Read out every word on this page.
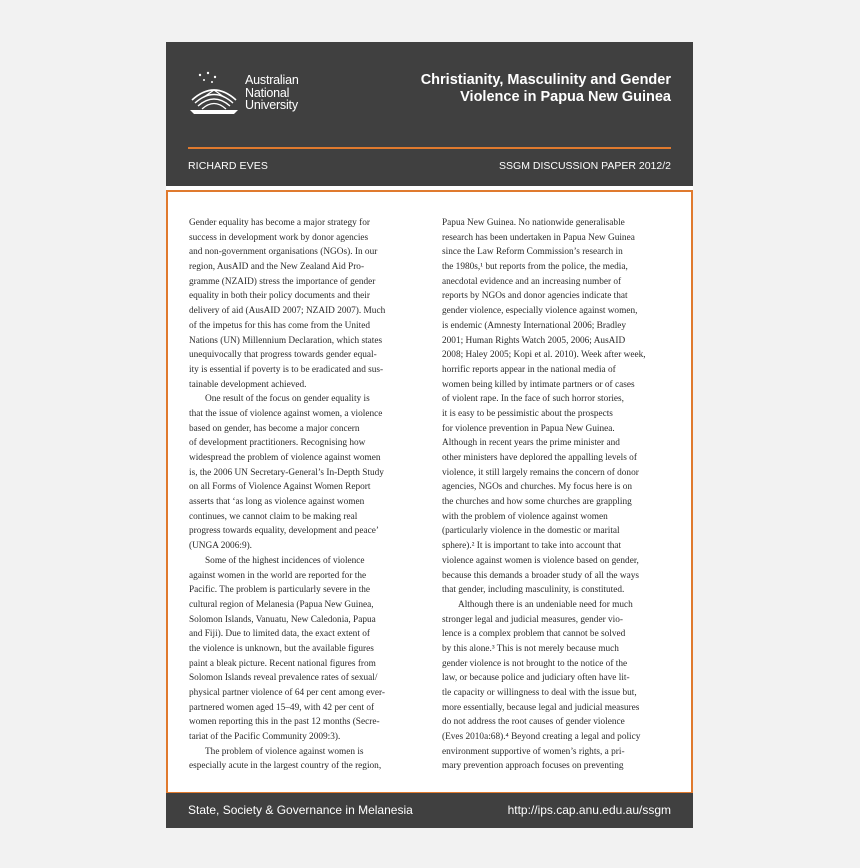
Australian
National
University
Christianity, Masculinity and Gender
Violence in Papua New Guinea
RICHARD EVES	SSGM DISCUSSION PAPER 2012/2
Gender equality has become a major strategy for
success in development work by donor agencies
and non-government organisations (NGOs). In our
region, AusAID and the New Zealand Aid Pro-
gramme (NZAID) stress the importance of gender
equality in both their policy documents and their
delivery of aid (AusAID 2007; NZAID 2007). Much
of the impetus for this has come from the United
Nations (UN) Millennium Declaration, which states
unequivocally that progress towards gender equal-
ity is essential if poverty is to be eradicated and sus-
tainable development achieved.
One result of the focus on gender equality is
that the issue of violence against women, a violence
based on gender, has become a major concern
of development practitioners. Recognising how
widespread the problem of violence against women
is, the 2006 UN Secretary-General’s In-Depth Study
on all Forms of Violence Against Women Report
asserts that ‘as long as violence against women
continues, we cannot claim to be making real
progress towards equality, development and peace’
(UNGA 2006:9).
Some of the highest incidences of violence
against women in the world are reported for the
Pacific. The problem is particularly severe in the
cultural region of Melanesia (Papua New Guinea,
Solomon Islands, Vanuatu, New Caledonia, Papua
and Fiji). Due to limited data, the exact extent of
the violence is unknown, but the available figures
paint a bleak picture. Recent national figures from
Solomon Islands reveal prevalence rates of sexual/
physical partner violence of 64 per cent among ever-
partnered women aged 15–49, with 42 per cent of
women reporting this in the past 12 months (Secre-
tariat of the Pacific Community 2009:3).
The problem of violence against women is
especially acute in the largest country of the region,
Papua New Guinea. No nationwide generalisable
research has been undertaken in Papua New Guinea
since the Law Reform Commission’s research in
the 1980s,¹ but reports from the police, the media,
anecdotal evidence and an increasing number of
reports by NGOs and donor agencies indicate that
gender violence, especially violence against women,
is endemic (Amnesty International 2006; Bradley
2001; Human Rights Watch 2005, 2006; AusAID
2008; Haley 2005; Kopi et al. 2010). Week after week,
horrific reports appear in the national media of
women being killed by intimate partners or of cases
of violent rape. In the face of such horror stories,
it is easy to be pessimistic about the prospects
for violence prevention in Papua New Guinea.
Although in recent years the prime minister and
other ministers have deplored the appalling levels of
violence, it still largely remains the concern of donor
agencies, NGOs and churches. My focus here is on
the churches and how some churches are grappling
with the problem of violence against women
(particularly violence in the domestic or marital
sphere).² It is important to take into account that
violence against women is violence based on gender,
because this demands a broader study of all the ways
that gender, including masculinity, is constituted.
Although there is an undeniable need for much
stronger legal and judicial measures, gender vio-
lence is a complex problem that cannot be solved
by this alone.³ This is not merely because much
gender violence is not brought to the notice of the
law, or because police and judiciary often have lit-
tle capacity or willingness to deal with the issue but,
more essentially, because legal and judicial measures
do not address the root causes of gender violence
(Eves 2010a:68).⁴ Beyond creating a legal and policy
environment supportive of women’s rights, a pri-
mary prevention approach focuses on preventing
State, Society & Governance in Melanesia	http://ips.cap.anu.edu.au/ssgm
